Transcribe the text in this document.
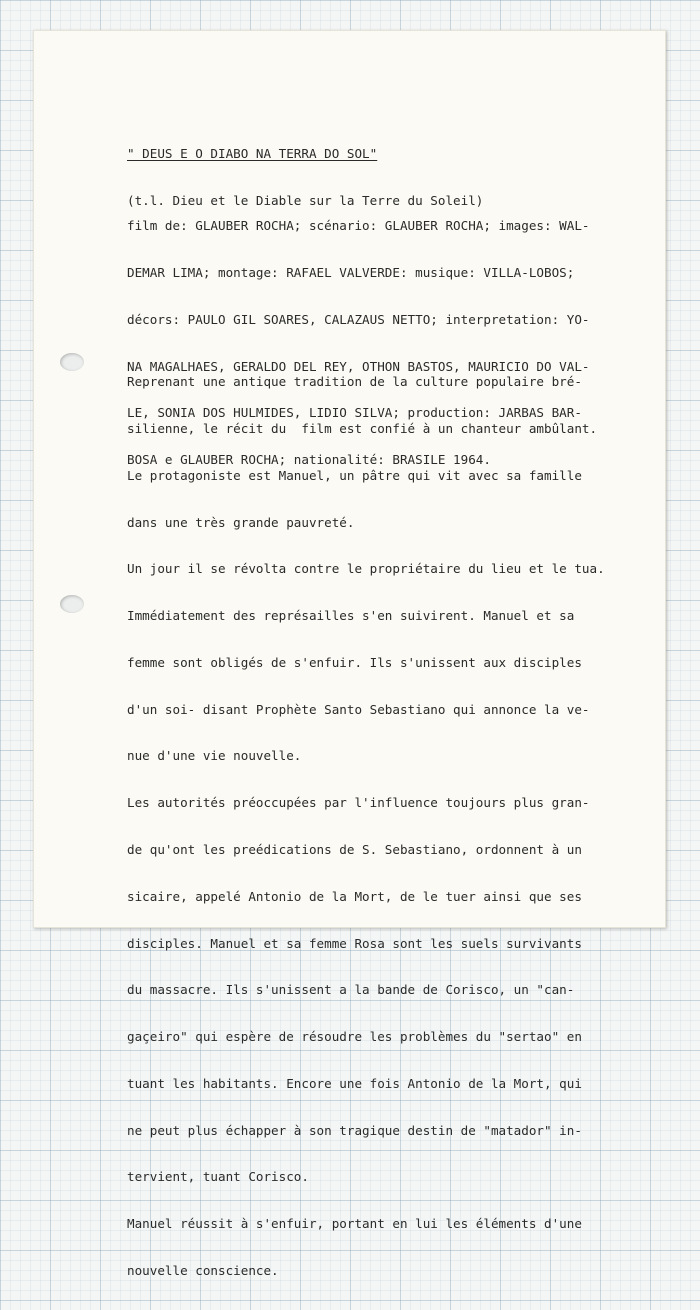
" DEUS E O DIABO NA TERRA DO SOL"

(t.l. Dieu et le Diable sur la Terre du Soleil)

film de: GLAUBER ROCHA; scénario: GLAUBER ROCHA; images: WAL-

DEMAR LIMA; montage: RAFAEL VALVERDE: musique: VILLA-LOBOS;

décors: PAULO GIL SOARES, CALAZAUS NETTO; interpretation: YO-

NA MAGALHAES, GERALDO DEL REY, OTHON BASTOS, MAURICIO DO VAL-

LE, SONIA DOS HULMIDES, LIDIO SILVA; production: JARBAS BAR-

BOSA e GLAUBER ROCHA; nationalité: BRASILE 1964.

Reprenant une antique tradition de la culture populaire bré-

silienne, le récit du  film est confié à un chanteur ambûlant.

Le protagoniste est Manuel, un pâtre qui vit avec sa famille

dans une très grande pauvreté.

Un jour il se révolta contre le propriétaire du lieu et le tua.

Immédiatement des représailles s'en suivirent. Manuel et sa

femme sont obligés de s'enfuir. Ils s'unissent aux disciples

d'un soi- disant Prophète Santo Sebastiano qui annonce la ve-

nue d'une vie nouvelle.

Les autorités préoccupées par l'influence toujours plus gran-

de qu'ont les preédications de S. Sebastiano, ordonnent à un

sicaire, appelé Antonio de la Mort, de le tuer ainsi que ses

disciples. Manuel et sa femme Rosa sont les suels survivants

du massacre. Ils s'unissent a la bande de Corisco, un "can-

gaçeiro" qui espère de résoudre les problèmes du "sertao" en

tuant les habitants. Encore une fois Antonio de la Mort, qui

ne peut plus échapper à son tragique destin de "matador" in-

tervient, tuant Corisco.

Manuel réussit à s'enfuir, portant en lui les éléments d'une

nouvelle conscience.
